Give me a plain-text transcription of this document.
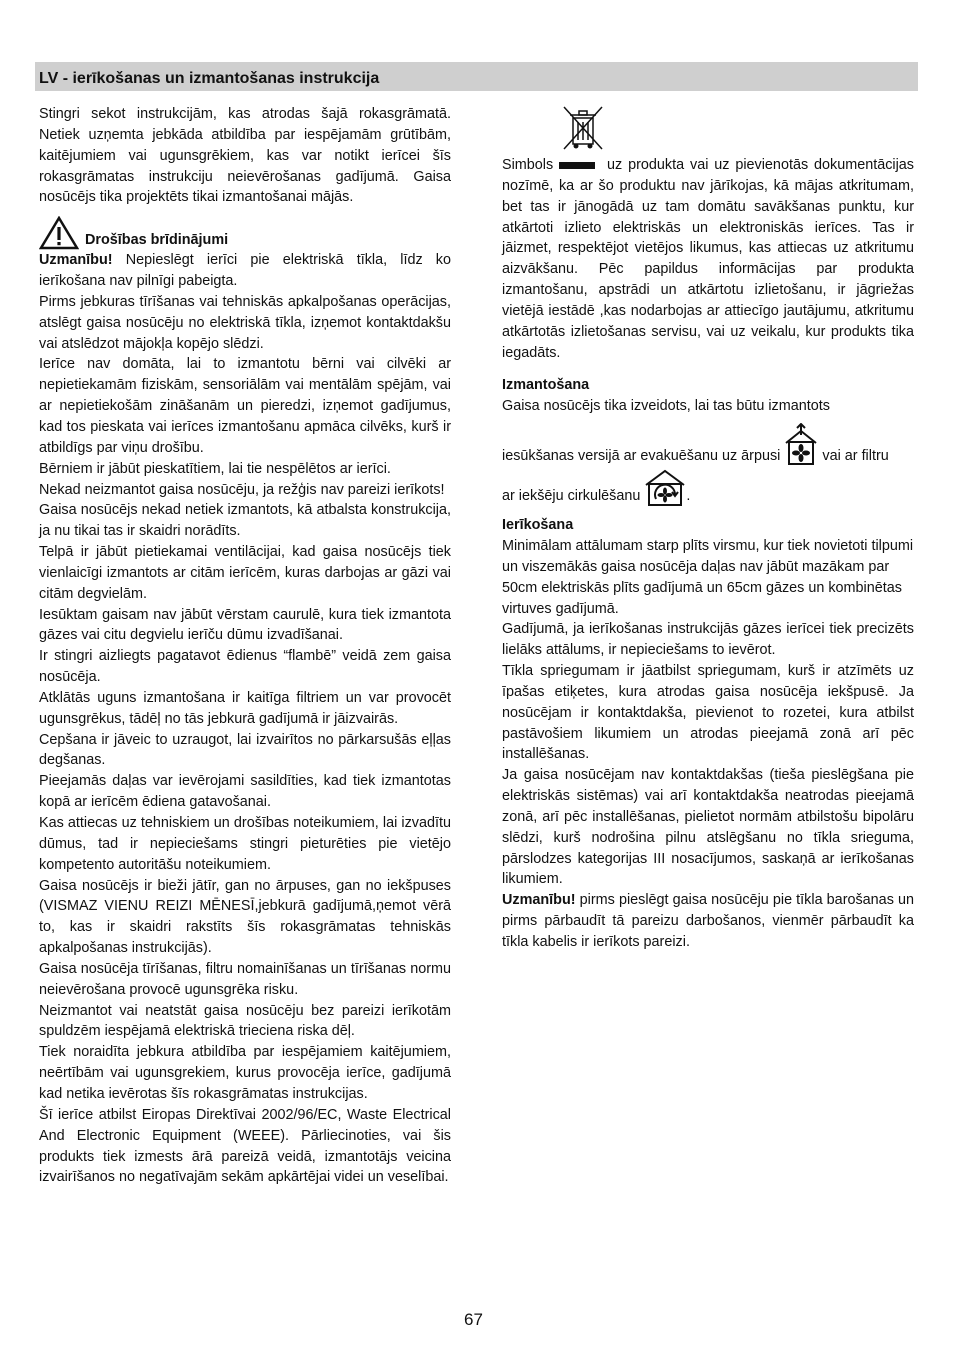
LV - ierīkošanas un izmantošanas instrukcija

Stingri sekot instrukcijām, kas atrodas šajā rokasgrāmatā. Netiek uzņemta jebkāda atbildība par iespējamām grūtībām, kaitējumiem vai ugunsgrēkiem, kas var notikt ierīcei šīs rokasgrāmatas instrukciju neievērošanas gadījumā. Gaisa nosūcējs tika projektēts tikai izmantošanai mājās.

Drošības brīdinājumi

Uzmanību! Nepieslēgt ierīci pie elektriskā tīkla, līdz ko ierīkošana nav pilnīgi pabeigta.

Pirms jebkuras tīrīšanas vai tehniskās apkalpošanas operācijas, atslēgt gaisa nosūcēju no elektriskā tīkla, izņemot kontaktdakšu vai atslēdzot mājokļa kopējo slēdzi.

Ierīce nav domāta, lai to izmantotu bērni vai cilvēki ar nepietiekamām fiziskām, sensoriālām vai mentālām spējām, vai ar nepietiekošām zināšanām un pieredzi, izņemot gadījumus, kad tos pieskata vai ierīces izmantošanu apmāca cilvēks, kurš ir atbildīgs par viņu drošību.

Bērniem ir jābūt pieskatītiem, lai tie nespēlētos ar ierīci.

Nekad neizmantot gaisa nosūcēju, ja režģis nav pareizi ierīkots!

Gaisa nosūcējs nekad netiek izmantots, kā atbalsta konstrukcija, ja nu tikai tas ir skaidri norādīts.

Telpā ir jābūt pietiekamai ventilācijai, kad gaisa nosūcējs tiek vienlaicīgi izmantots ar citām ierīcēm, kuras darbojas ar gāzi vai citām degvielām.

Iesūktam gaisam nav jābūt vērstam caurulē, kura tiek izmantota gāzes vai citu degvielu ierīču dūmu izvadīšanai.

Ir stingri aizliegts pagatavot ēdienus “flambē” veidā zem gaisa nosūcēja.

Atklātās uguns izmantošana ir kaitīga filtriem un var provocēt ugunsgrēkus, tādēļ no tās jebkurā gadījumā ir jāizvairās.

Cepšana ir jāveic to uzraugot, lai izvairītos no pārkarsušās eļļas degšanas.

Pieejamās daļas var ievērojami sasildīties, kad tiek izmantotas kopā ar ierīcēm ēdiena gatavošanai.

Kas attiecas uz tehniskiem un drošības noteikumiem, lai izvadītu dūmus, tad ir nepieciešams stingri pieturēties pie vietējo kompetento autoritāšu noteikumiem.

Gaisa nosūcējs ir bieži jātīr, gan no ārpuses, gan no iekšpuses (VISMAZ VIENU REIZI MĒNESĪ,jebkurā gadījumā,ņemot vērā to, kas ir skaidri rakstīts šīs rokasgrāmatas tehniskās apkalpošanas instrukcijās).

Gaisa nosūcēja tīrīšanas, filtru nomainīšanas un tīrīšanas normu neievērošana provocē ugunsgrēka risku.

Neizmantot vai neatstāt gaisa nosūcēju bez pareizi ierīkotām spuldzēm iespējamā elektriskā trieciena riska dēļ.

Tiek noraidīta jebkura atbildība par iespējamiem kaitējumiem, neērtībām vai ugunsgrekiem, kurus provocēja ierīce, gadījumā kad netika ievērotas šīs rokasgrāmatas instrukcijas.

Šī ierīce atbilst Eiropas Direktīvai 2002/96/EC, Waste Electrical And Electronic Equipment (WEEE). Pārliecinoties, vai šis produkts tiek izmests ārā pareizā veidā, izmantotājs veicina izvairīšanos no negatīvajām sekām apkārtējai videi un veselībai.

Simbols	uz produkta vai uz pievienotās dokumentācijas nozīmē, ka ar šo produktu nav jārīkojas, kā mājas atkritumam, bet tas ir jānogādā uz tam domātu savākšanas punktu, kur atkārtoti izlieto elektriskās un elektroniskās ierīces. Tas ir jāizmet, respektējot vietējos likumus, kas attiecas uz atkritumu aizvākšanu. Pēc papildus informācijas par produkta izmantošanu, apstrādi un atkārtotu izlietošanu, ir jāgriežas vietējā iestādē ,kas nodarbojas ar attiecīgo jautājumu, atkritumu atkārtotās izlietošanas servisu, vai uz veikalu, kur produkts tika iegadāts.

Izmantošana

Gaisa nosūcējs tika izveidots, lai tas būtu izmantots

iesūkšanas versijā ar evakuēšanu uz ārpusi	vai ar filtru

ar iekšēju cirkulēšanu	.

Ierīkošana

Minimālam attālumam starp plīts virsmu, kur tiek novietoti tilpumi un viszemākās gaisa nosūcēja daļas nav jābūt mazākam par 50cm elektriskās plīts gadījumā un 65cm gāzes un kombinētas virtuves gadījumā.

Gadījumā, ja ierīkošanas instrukcijās gāzes ierīcei tiek precizēts lielāks attālums, ir nepieciešams to ievērot.

Tīkla spriegumam ir jāatbilst spriegumam, kurš ir atzīmēts uz īpašas etiķetes, kura atrodas gaisa nosūcēja iekšpusē. Ja nosūcējam ir kontaktdakša, pievienot to rozetei, kura atbilst pastāvošiem likumiem un atrodas pieejamā zonā arī pēc installēšanas.

Ja gaisa nosūcējam nav kontaktdakšas (tieša pieslēgšana pie elektriskās sistēmas) vai arī kontaktdakša neatrodas pieejamā zonā, arī pēc installēšanas, pielietot normām atbilstošu bipolāru slēdzi, kurš nodrošina pilnu atslēgšanu no tīkla srieguma, pārslodzes kategorijas III nosacījumos, saskaņā ar ierīkošanas likumiem.

Uzmanību! pirms pieslēgt gaisa nosūcēju pie tīkla barošanas un pirms pārbaudīt tā pareizu darbošanos, vienmēr pārbaudīt ka tīkla kabelis ir ierīkots pareizi.

67
